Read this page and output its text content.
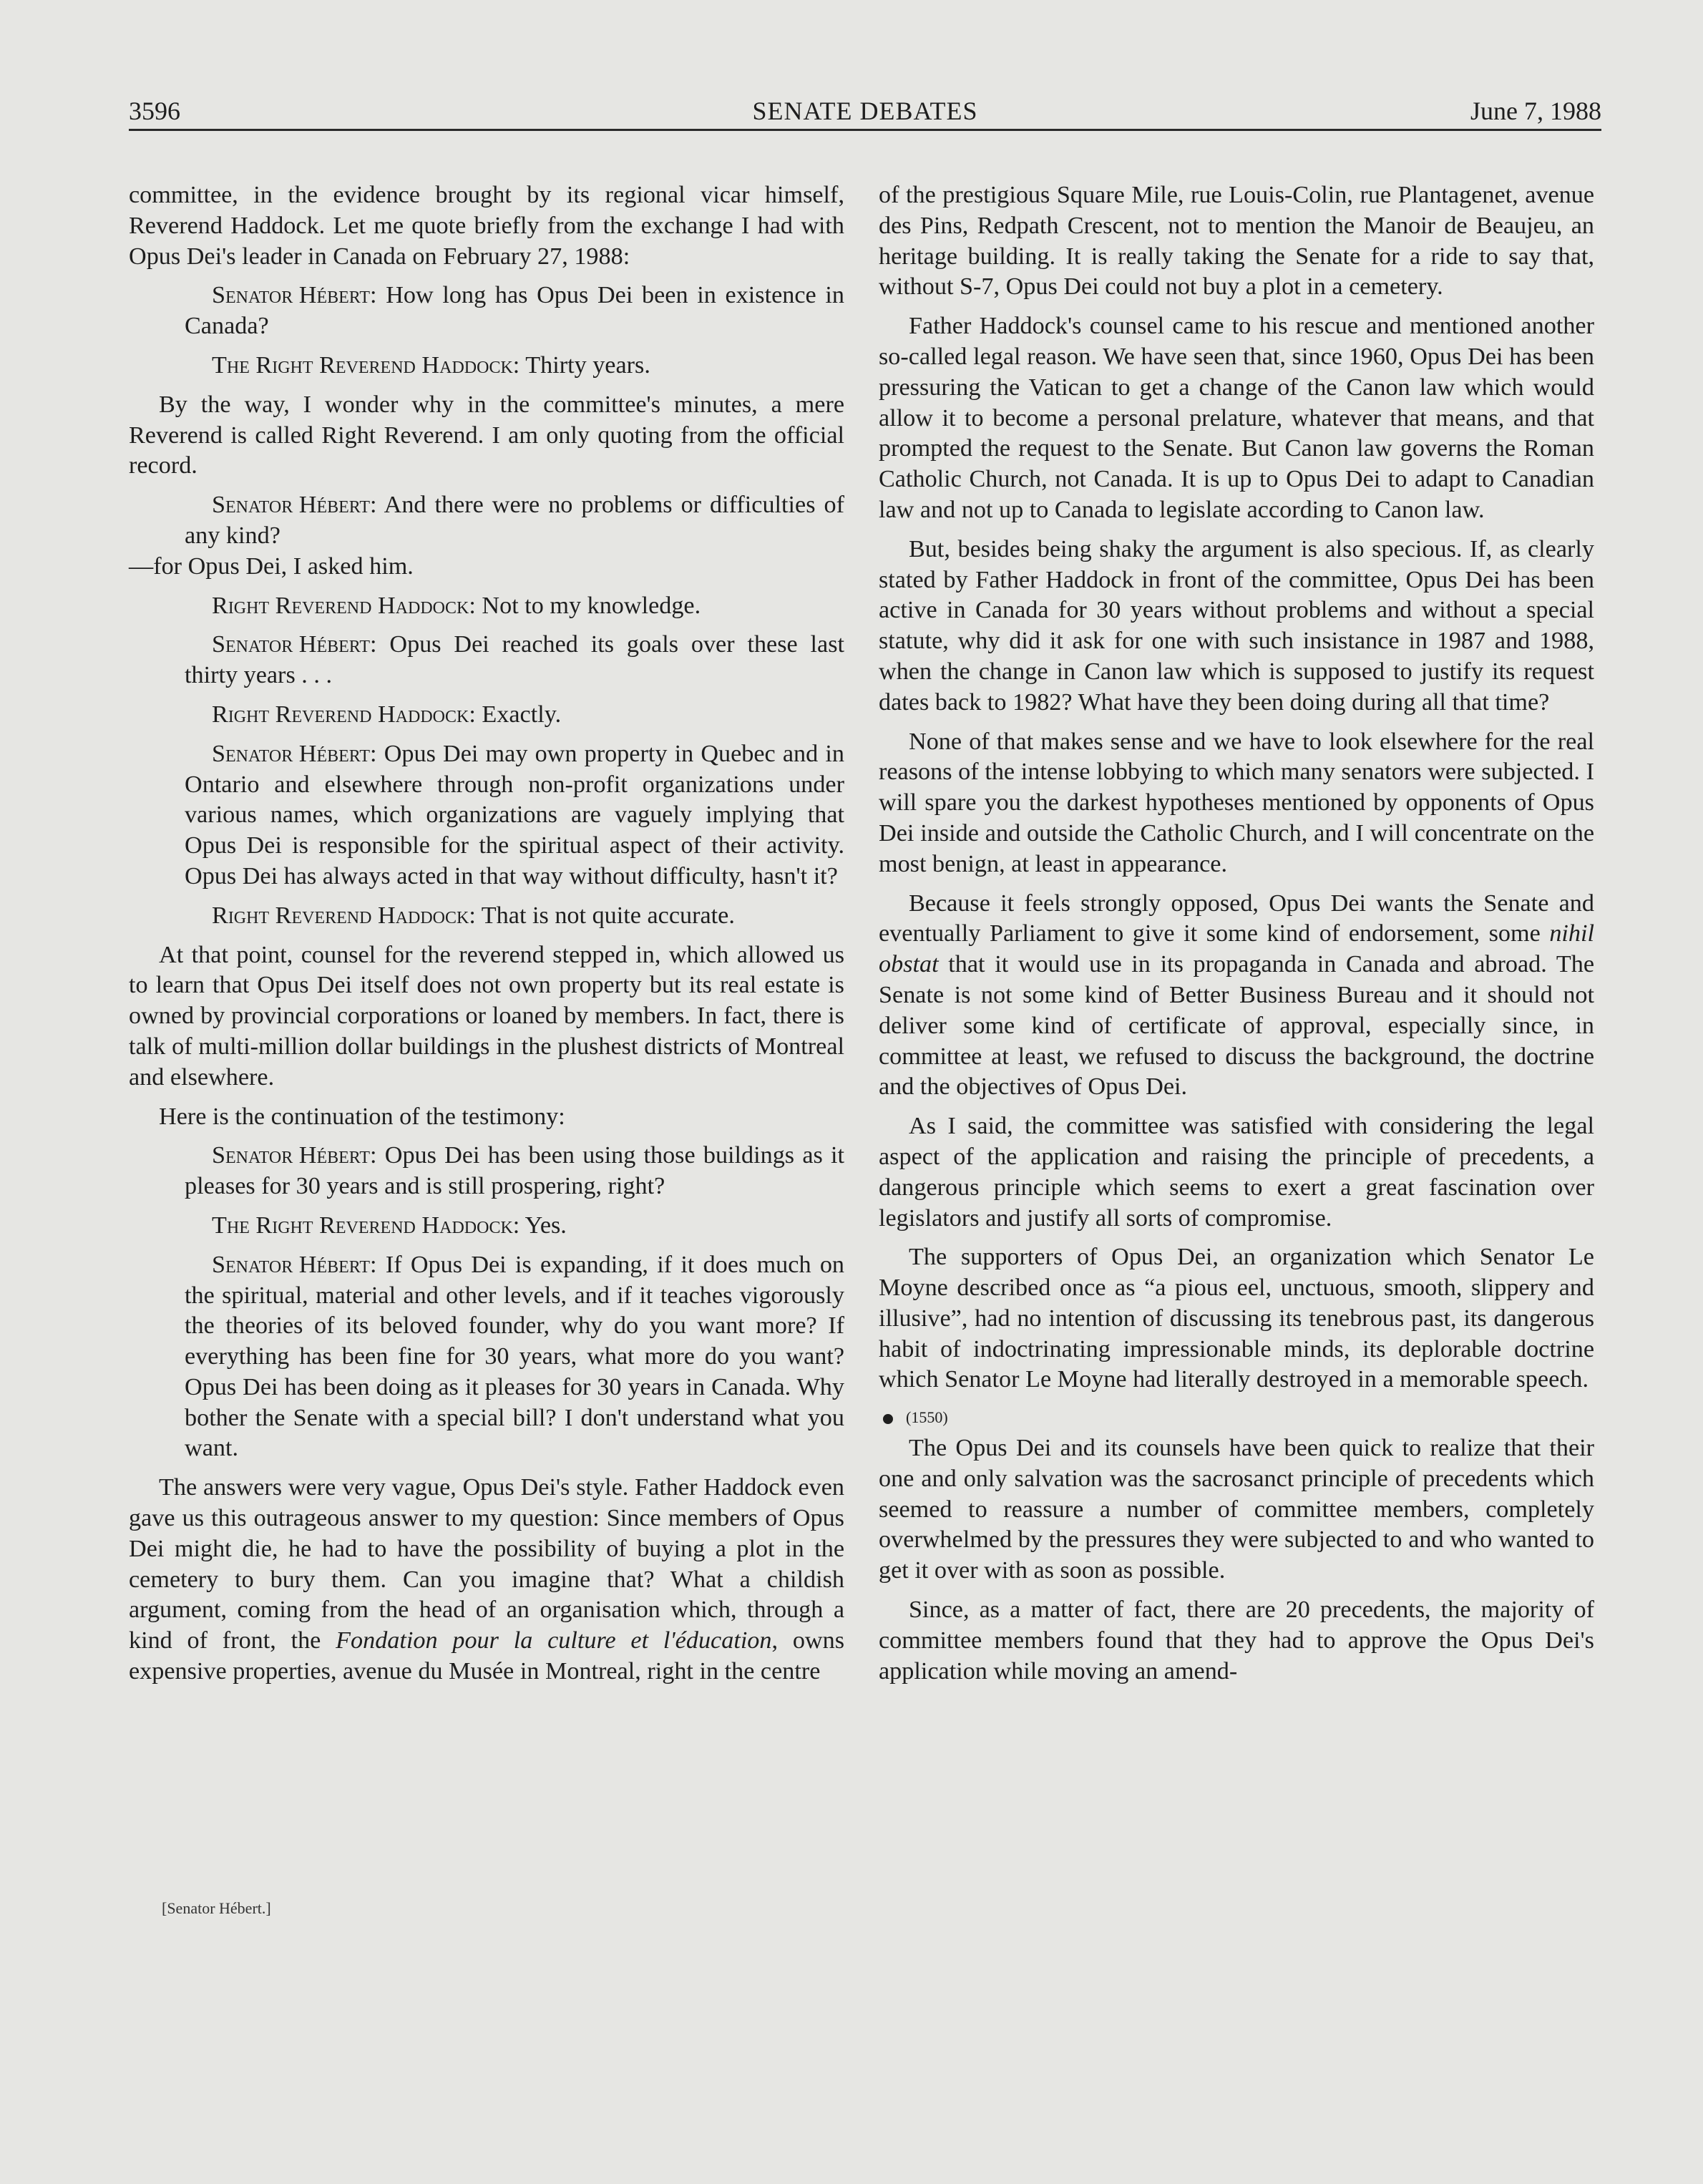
SENATE DEBATES
3596	June 7, 1988

committee, in the evidence brought by its regional vicar himself, Reverend Haddock. Let me quote briefly from the exchange I had with Opus Dei's leader in Canada on February 27, 1988:

Senator Hébert: How long has Opus Dei been in existence in Canada?

The Right Reverend Haddock: Thirty years.

By the way, I wonder why in the committee's minutes, a mere Reverend is called Right Reverend. I am only quoting from the official record.

Senator Hébert: And there were no problems or difficulties of any kind?

—for Opus Dei, I asked him.

Right Reverend Haddock: Not to my knowledge.

Senator Hébert: Opus Dei reached its goals over these last thirty years . . .

Right Reverend Haddock: Exactly.

Senator Hébert: Opus Dei may own property in Quebec and in Ontario and elsewhere through non-profit organizations under various names, which organizations are vaguely implying that Opus Dei is responsible for the spiritual aspect of their activity. Opus Dei has always acted in that way without difficulty, hasn't it?

Right Reverend Haddock: That is not quite accurate.

At that point, counsel for the reverend stepped in, which allowed us to learn that Opus Dei itself does not own property but its real estate is owned by provincial corporations or loaned by members. In fact, there is talk of multi-million dollar buildings in the plushest districts of Montreal and elsewhere.

Here is the continuation of the testimony:

Senator Hébert: Opus Dei has been using those buildings as it pleases for 30 years and is still prospering, right?

The Right Reverend Haddock: Yes.

Senator Hébert: If Opus Dei is expanding, if it does much on the spiritual, material and other levels, and if it teaches vigorously the theories of its beloved founder, why do you want more? If everything has been fine for 30 years, what more do you want? Opus Dei has been doing as it pleases for 30 years in Canada. Why bother the Senate with a special bill? I don't understand what you want.

The answers were very vague, Opus Dei's style. Father Haddock even gave us this outrageous answer to my question: Since members of Opus Dei might die, he had to have the possibility of buying a plot in the cemetery to bury them. Can you imagine that? What a childish argument, coming from the head of an organisation which, through a kind of front, the Fondation pour la culture et l'éducation, owns expensive properties, avenue du Musée in Montreal, right in the centre

[Senator Hébert.]

of the prestigious Square Mile, rue Louis-Colin, rue Plantagenet, avenue des Pins, Redpath Crescent, not to mention the Manoir de Beaujeu, an heritage building. It is really taking the Senate for a ride to say that, without S-7, Opus Dei could not buy a plot in a cemetery.

Father Haddock's counsel came to his rescue and mentioned another so-called legal reason. We have seen that, since 1960, Opus Dei has been pressuring the Vatican to get a change of the Canon law which would allow it to become a personal prelature, whatever that means, and that prompted the request to the Senate. But Canon law governs the Roman Catholic Church, not Canada. It is up to Opus Dei to adapt to Canadian law and not up to Canada to legislate according to Canon law.

But, besides being shaky the argument is also specious. If, as clearly stated by Father Haddock in front of the committee, Opus Dei has been active in Canada for 30 years without problems and without a special statute, why did it ask for one with such insistance in 1987 and 1988, when the change in Canon law which is supposed to justify its request dates back to 1982? What have they been doing during all that time?

None of that makes sense and we have to look elsewhere for the real reasons of the intense lobbying to which many senators were subjected. I will spare you the darkest hypotheses mentioned by opponents of Opus Dei inside and outside the Catholic Church, and I will concentrate on the most benign, at least in appearance.

Because it feels strongly opposed, Opus Dei wants the Senate and eventually Parliament to give it some kind of endorsement, some nihil obstat that it would use in its propaganda in Canada and abroad. The Senate is not some kind of Better Business Bureau and it should not deliver some kind of certificate of approval, especially since, in committee at least, we refused to discuss the background, the doctrine and the objectives of Opus Dei.

As I said, the committee was satisfied with considering the legal aspect of the application and raising the principle of precedents, a dangerous principle which seems to exert a great fascination over legislators and justify all sorts of compromise.

The supporters of Opus Dei, an organization which Senator Le Moyne described once as “a pious eel, unctuous, smooth, slippery and illusive”, had no intention of discussing its tenebrous past, its dangerous habit of indoctrinating impressionable minds, its deplorable doctrine which Senator Le Moyne had literally destroyed in a memorable speech.

(1550)

The Opus Dei and its counsels have been quick to realize that their one and only salvation was the sacrosanct principle of precedents which seemed to reassure a number of committee members, completely overwhelmed by the pressures they were subjected to and who wanted to get it over with as soon as possible.

Since, as a matter of fact, there are 20 precedents, the majority of committee members found that they had to approve the Opus Dei's application while moving an amend-
